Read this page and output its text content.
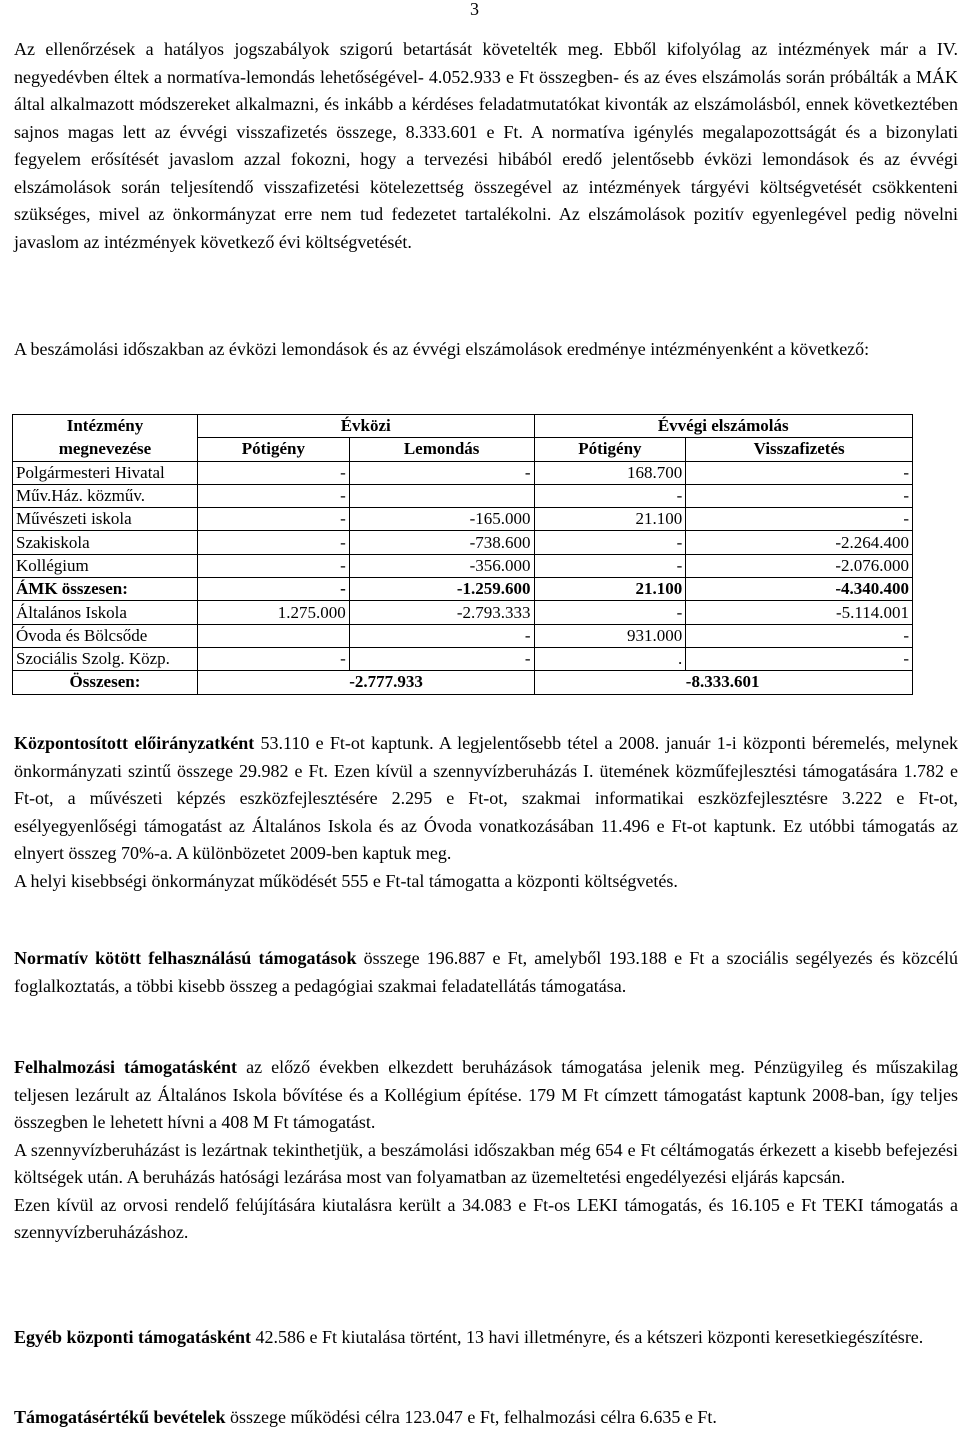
3

Az ellenőrzések a hatályos jogszabályok szigorú betartását követelték meg. Ebből kifolyólag az intézmények már a IV. negyedévben éltek a normatíva-lemondás lehetőségével- 4.052.933 e Ft összegben- és az éves elszámolás során próbálták a MÁK által alkalmazott módszereket alkalmazni, és inkább a kérdéses feladatmutatókat kivonták az elszámolásból, ennek következtében sajnos magas lett az évvégi visszafizetés összege, 8.333.601 e Ft. A normatíva igénylés megalapozottságát és a bizonylati fegyelem erősítését javaslom azzal fokozni, hogy a tervezési hibából eredő jelentősebb évközi lemondások és az évvégi elszámolások során teljesítendő visszafizetési kötelezettség összegével az intézmények tárgyévi költségvetését csökkenteni szükséges, mivel az önkormányzat erre nem tud fedezetet tartalékolni. Az elszámolások pozitív egyenlegével pedig növelni javaslom az intézmények következő évi költségvetését.

A beszámolási időszakban az évközi lemondások és az évvégi elszámolások eredménye intézményenként a következő:

Intézmény	Évközi		Évvégi elszámolás	
megnevezése	Pótigény	Lemondás	Pótigény	Visszafizetés
Polgármesteri Hivatal	-	-	168.700	-
Műv.Ház. közműv.	-		-	-
Művészeti iskola	-	-165.000	21.100	-
Szakiskola	-	-738.600	-	-2.264.400
Kollégium	-	-356.000	-	-2.076.000
ÁMK összesen:	-	-1.259.600	21.100	-4.340.400
Általános Iskola	1.275.000	-2.793.333	-	-5.114.001
Óvoda és Bölcsőde		-	931.000	-
Szociális Szolg. Közp.	-	-	.	-
Összesen:		-2.777.933		-8.333.601
Központosított előirányzatként 53.110 e Ft-ot kaptunk. A legjelentősebb tétel a 2008. január 1-i központi béremelés, melynek önkormányzati szintű összege 29.982 e Ft. Ezen kívül a szennyvízberuházás I. ütemének közműfejlesztési támogatására 1.782 e Ft-ot, a művészeti képzés eszközfejlesztésére 2.295 e Ft-ot, szakmai informatikai eszközfejlesztésre 3.222 e Ft-ot, esélyegyenlőségi támogatást az Általános Iskola és az Óvoda vonatkozásában 11.496 e Ft-ot kaptunk. Ez utóbbi támogatás az elnyert összeg 70%-a. A különbözetet 2009-ben kaptuk meg.
A helyi kisebbségi önkormányzat működését 555 e Ft-tal támogatta a központi költségvetés.

Normatív kötött felhasználású támogatások összege 196.887 e Ft, amelyből 193.188 e Ft a szociális segélyezés és közcélú foglalkoztatás, a többi kisebb összeg a pedagógiai szakmai feladatellátás támogatása.

Felhalmozási támogatásként az előző években elkezdett beruházások támogatása jelenik meg. Pénzügyileg és műszakilag teljesen lezárult az Általános Iskola bővítése és a Kollégium építése. 179 M Ft címzett támogatást kaptunk 2008-ban, így teljes összegben le lehetett hívni a 408 M Ft támogatást.
A szennyvízberuházást is lezártnak tekinthetjük, a beszámolási időszakban még 654 e Ft céltámogatás érkezett a kisebb befejezési költségek után. A beruházás hatósági lezárása most van folyamatban az üzemeltetési engedélyezési eljárás kapcsán.
Ezen kívül az orvosi rendelő felújítására kiutalásra került a 34.083 e Ft-os LEKI támogatás, és 16.105 e Ft TEKI támogatás a szennyvízberuházáshoz.

Egyéb központi támogatásként 42.586 e Ft kiutalása történt, 13 havi illetményre, és a kétszeri központi keresetkiegészítésre.

Támogatásértékű bevételek összege működési célra 123.047 e Ft, felhalmozási célra 6.635 e Ft.
